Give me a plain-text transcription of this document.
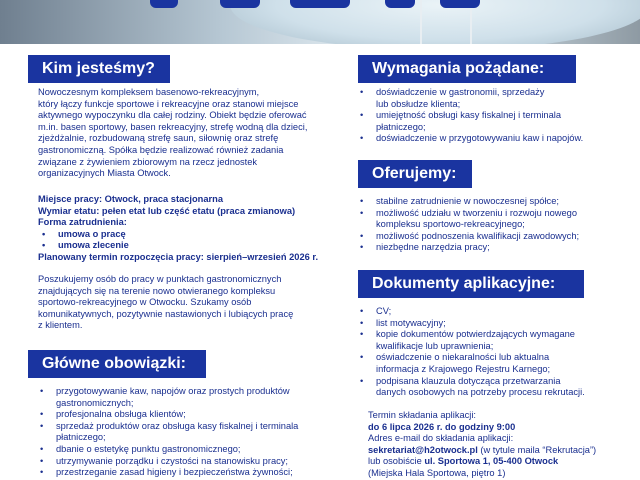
Kim jesteśmy?

Nowoczesnym kompleksem basenowo-rekreacyjnym,

który łączy funkcje sportowe i rekreacyjne oraz stanowi miejsce

aktywnego wypoczynku dla całej rodziny. Obiekt będzie oferować

m.in. basen sportowy, basen rekreacyjny, strefę wodną dla dzieci,

zjeżdżalnie, rozbudowaną strefę saun, siłownię oraz strefę

gastronomiczną. Spółka będzie realizować również zadania

związane z żywieniem zbiorowym na rzecz jednostek

organizacyjnych Miasta Otwock.

Miejsce pracy: Otwock, praca stacjonarna

Wymiar etatu: pełen etat lub część etatu (praca zmianowa)

Forma zatrudnienia:

• umowa o pracę

• umowa zlecenie

Planowany termin rozpoczęcia pracy: sierpień–wrzesień 2026 r.

Poszukujemy osób do pracy w punktach gastronomicznych

znajdujących się na terenie nowo otwieranego kompleksu

sportowo-rekreacyjnego w Otwocku. Szukamy osób

komunikatywnych, pozytywnie nastawionych i lubiących pracę

z klientem.

Główne obowiązki:
• przygotowywanie kaw, napojów oraz prostych produktów
gastronomicznych;
• profesjonalna obsługa klientów;
• sprzedaż produktów oraz obsługa kasy fiskalnej i terminala
płatniczego;
• dbanie o estetykę punktu gastronomicznego;
• utrzymywanie porządku i czystości na stanowisku pracy;
• przestrzeganie zasad higieny i bezpieczeństwa żywności;
Wymagania pożądane:
• doświadczenie w gastronomii, sprzedaży
lub obsłudze klienta;
• umiejętność obsługi kasy fiskalnej i terminala
płatniczego;
• doświadczenie w przygotowywaniu kaw i napojów.
Oferujemy:
• stabilne zatrudnienie w nowoczesnej spółce;
• możliwość udziału w tworzeniu i rozwoju nowego
kompleksu sportowo-rekreacyjnego;
• możliwość podnoszenia kwalifikacji zawodowych;
• niezbędne narzędzia pracy;
Dokumenty aplikacyjne:
• CV;
• list motywacyjny;
• kopie dokumentów potwierdzających wymagane
kwalifikacje lub uprawnienia;
• oświadczenie o niekaralności lub aktualna
informacja z Krajowego Rejestru Karnego;
• podpisana klauzula dotycząca przetwarzania
danych osobowych na potrzeby procesu rekrutacji.

Termin składania aplikacji:

do 6 lipca 2026 r. do godziny 9:00

Adres e-mail do składania aplikacji:

sekretariat@h2otwock.pl (w tytule maila “Rekrutacja”)

lub osobiście ul. Sportowa 1, 05-400 Otwock

(Miejska Hala Sportowa, piętro 1)
